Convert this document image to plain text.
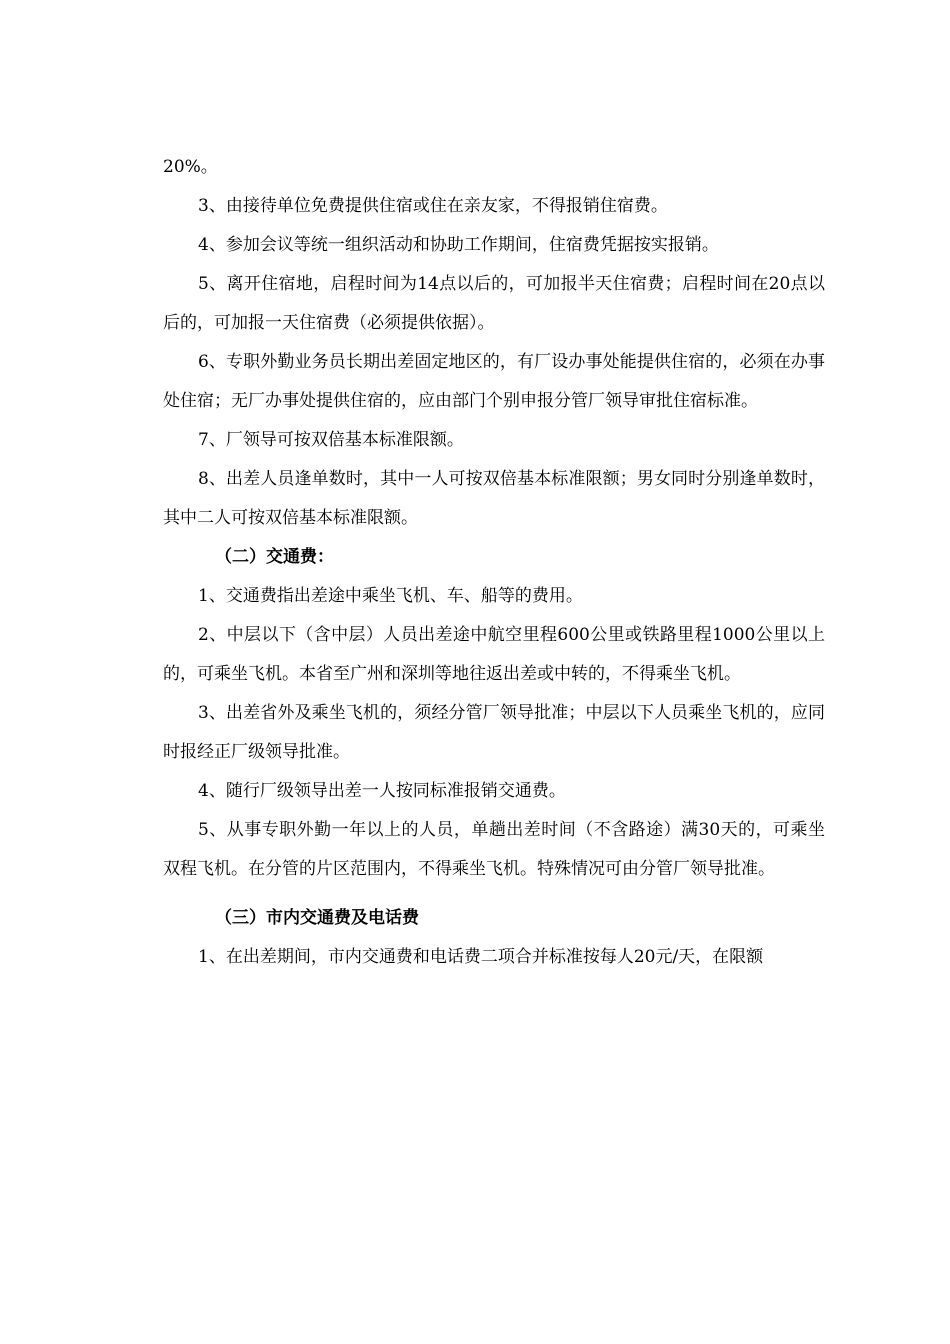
20%。

3、由接待单位免费提供住宿或住在亲友家，不得报销住宿费。

4、参加会议等统一组织活动和协助工作期间，住宿费凭据按实报销。

5、离开住宿地，启程时间为14点以后的，可加报半天住宿费；启程时间在20点以后的，可加报一天住宿费（必须提供依据）。

6、专职外勤业务员长期出差固定地区的，有厂设办事处能提供住宿的，必须在办事处住宿；无厂办事处提供住宿的，应由部门个别申报分管厂领导审批住宿标准。

7、厂领导可按双倍基本标准限额。

8、出差人员逢单数时，其中一人可按双倍基本标准限额；男女同时分别逢单数时，其中二人可按双倍基本标准限额。

（二）交通费：

1、交通费指出差途中乘坐飞机、车、船等的费用。

2、中层以下（含中层）人员出差途中航空里程600公里或铁路里程1000公里以上的，可乘坐飞机。本省至广州和深圳等地往返出差或中转的，不得乘坐飞机。

3、出差省外及乘坐飞机的，须经分管厂领导批准；中层以下人员乘坐飞机的，应同时报经正厂级领导批准。

4、随行厂级领导出差一人按同标准报销交通费。

5、从事专职外勤一年以上的人员，单趟出差时间（不含路途）满30天的，可乘坐双程飞机。在分管的片区范围内，不得乘坐飞机。特殊情况可由分管厂领导批准。

（三）市内交通费及电话费

1、在出差期间，市内交通费和电话费二项合并标准按每人20元/天，在限额
